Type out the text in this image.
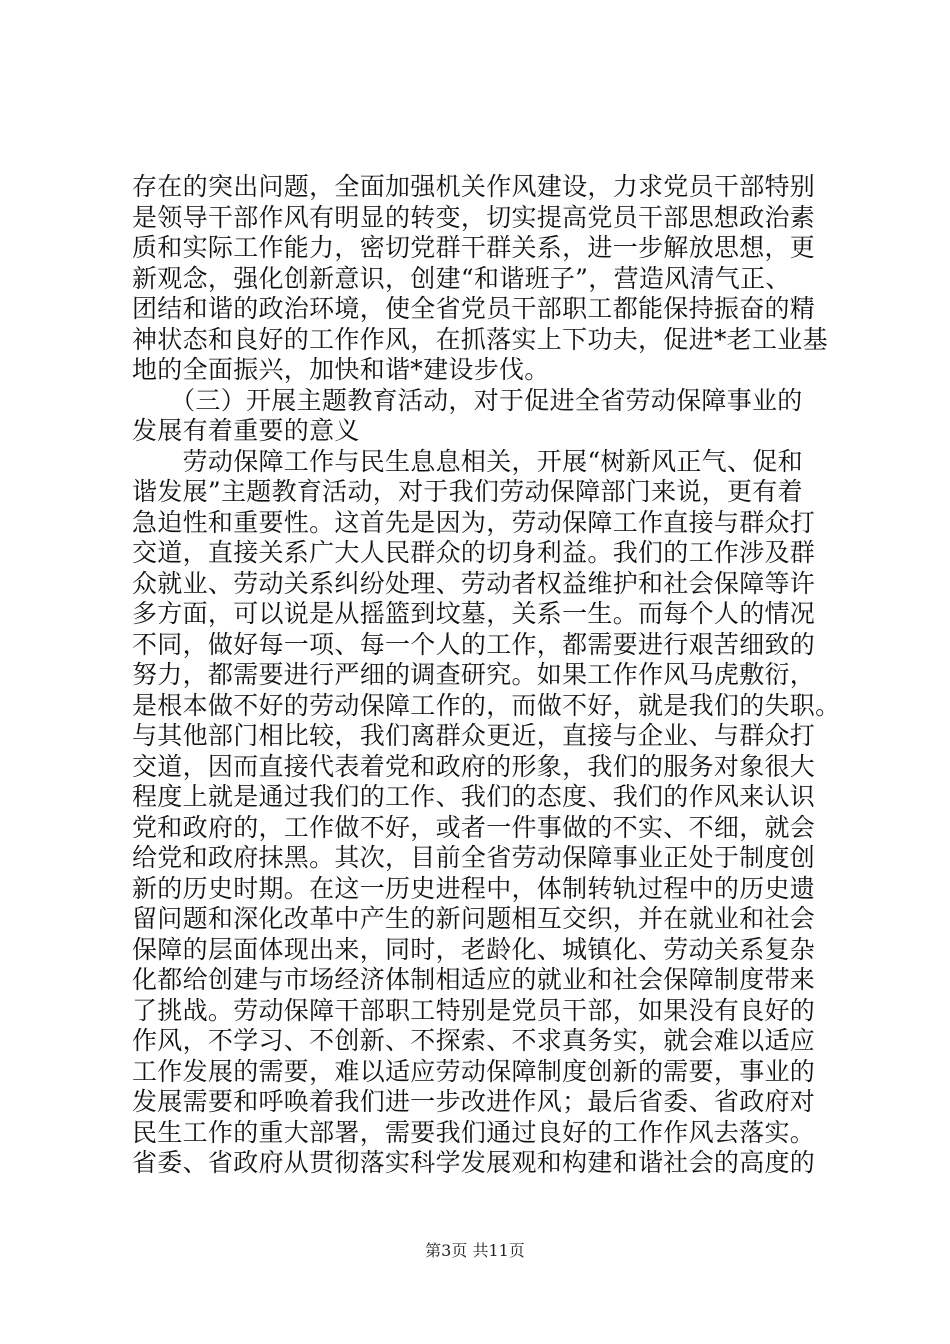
存在的突出问题，全面加强机关作风建设，力求党员干部特别
是领导干部作风有明显的转变，切实提高党员干部思想政治素
质和实际工作能力，密切党群干群关系，进一步解放思想，更
新观念，强化创新意识，创建“和谐班子”，营造风清气正、
团结和谐的政治环境，使全省党员干部职工都能保持振奋的精
神状态和良好的工作作风，在抓落实上下功夫，促进*老工业基
地的全面振兴，加快和谐*建设步伐。
　　（三）开展主题教育活动，对于促进全省劳动保障事业的
发展有着重要的意义
　　劳动保障工作与民生息息相关，开展“树新风正气、促和
谐发展”主题教育活动，对于我们劳动保障部门来说，更有着
急迫性和重要性。这首先是因为，劳动保障工作直接与群众打
交道，直接关系广大人民群众的切身利益。我们的工作涉及群
众就业、劳动关系纠纷处理、劳动者权益维护和社会保障等许
多方面，可以说是从摇篮到坟墓，关系一生。而每个人的情况
不同，做好每一项、每一个人的工作，都需要进行艰苦细致的
努力，都需要进行严细的调查研究。如果工作作风马虎敷衍，
是根本做不好的劳动保障工作的，而做不好，就是我们的失职。
与其他部门相比较，我们离群众更近，直接与企业、与群众打
交道，因而直接代表着党和政府的形象，我们的服务对象很大
程度上就是通过我们的工作、我们的态度、我们的作风来认识
党和政府的，工作做不好，或者一件事做的不实、不细，就会
给党和政府抹黑。其次，目前全省劳动保障事业正处于制度创
新的历史时期。在这一历史进程中，体制转轨过程中的历史遗
留问题和深化改革中产生的新问题相互交织，并在就业和社会
保障的层面体现出来，同时，老龄化、城镇化、劳动关系复杂
化都给创建与市场经济体制相适应的就业和社会保障制度带来
了挑战。劳动保障干部职工特别是党员干部，如果没有良好的
作风，不学习、不创新、不探索、不求真务实，就会难以适应
工作发展的需要，难以适应劳动保障制度创新的需要，事业的
发展需要和呼唤着我们进一步改进作风；最后省委、省政府对
民生工作的重大部署，需要我们通过良好的工作作风去落实。
省委、省政府从贯彻落实科学发展观和构建和谐社会的高度的
第3页 共11页
